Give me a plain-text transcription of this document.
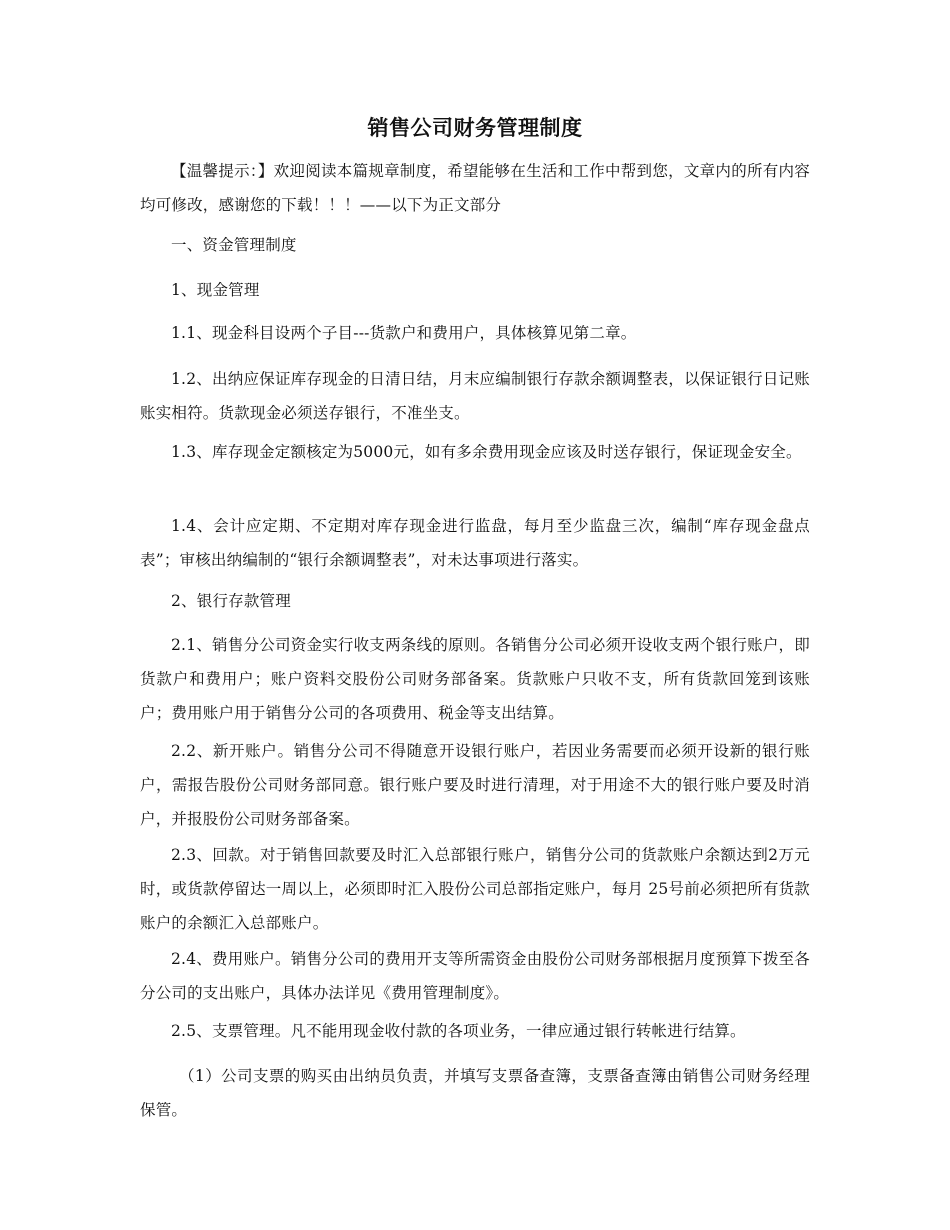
销售公司财务管理制度

【温馨提示：】欢迎阅读本篇规章制度，希望能够在生活和工作中帮到您，文章内的所有内容均可修改，感谢您的下载！！！——以下为正文部分

一、资金管理制度

1、现金管理

1.1、现金科目设两个子目---货款户和费用户，具体核算见第二章。

1.2、出纳应保证库存现金的日清日结，月末应编制银行存款余额调整表，以保证银行日记账账实相符。货款现金必须送存银行，不准坐支。

1.3、库存现金定额核定为5000元，如有多余费用现金应该及时送存银行，保证现金安全。

1.4、会计应定期、不定期对库存现金进行监盘，每月至少监盘三次，编制“库存现金盘点表”；审核出纳编制的“银行余额调整表”，对未达事项进行落实。

2、银行存款管理

2.1、销售分公司资金实行收支两条线的原则。各销售分公司必须开设收支两个银行账户，即货款户和费用户；账户资料交股份公司财务部备案。货款账户只收不支，所有货款回笼到该账户；费用账户用于销售分公司的各项费用、税金等支出结算。

2.2、新开账户。销售分公司不得随意开设银行账户，若因业务需要而必须开设新的银行账户，需报告股份公司财务部同意。银行账户要及时进行清理，对于用途不大的银行账户要及时消户，并报股份公司财务部备案。

2.3、回款。对于销售回款要及时汇入总部银行账户，销售分公司的货款账户余额达到2万元时，或货款停留达一周以上，必须即时汇入股份公司总部指定账户，每月 25号前必须把所有货款账户的余额汇入总部账户。

2.4、费用账户。销售分公司的费用开支等所需资金由股份公司财务部根据月度预算下拨至各分公司的支出账户，具体办法详见《费用管理制度》。

2.5、支票管理。凡不能用现金收付款的各项业务，一律应通过银行转帐进行结算。

（1）公司支票的购买由出纳员负责，并填写支票备查簿，支票备查簿由销售公司财务经理保管。
